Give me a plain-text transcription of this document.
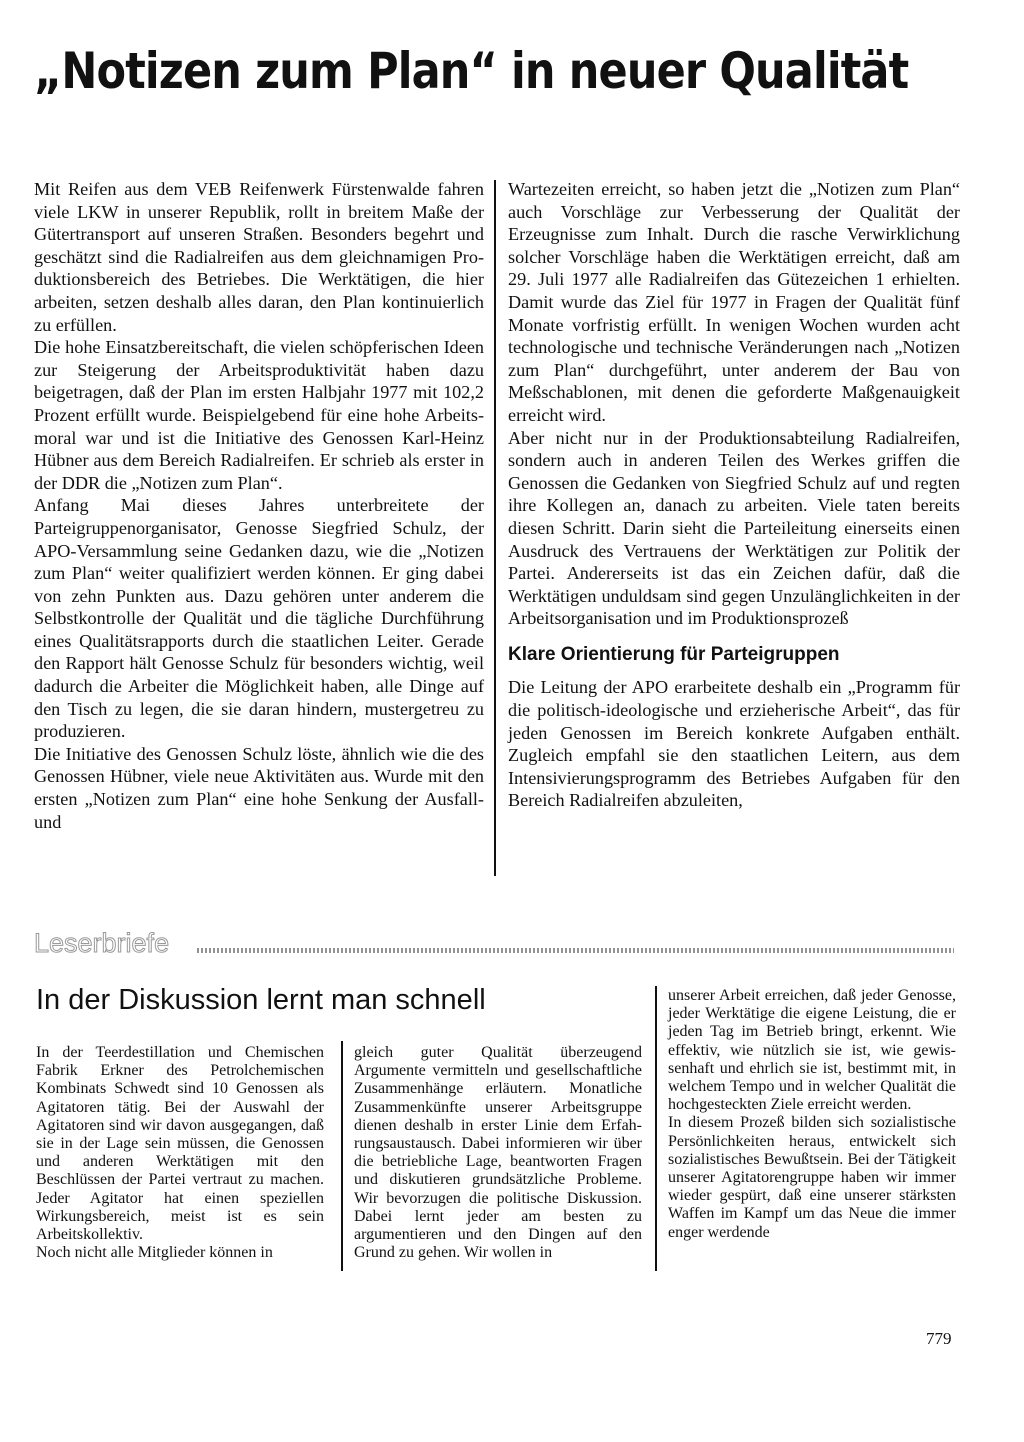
„Notizen zum Plan“ in neuer Qualität

Mit Reifen aus dem VEB Reifenwerk Fürstenwalde fahren viele LKW in unserer Republik, rollt in breitem Maße der Gütertransport auf unseren Straßen. Besonders begehrt und geschätzt sind die Radialreifen aus dem gleichnamigen Produktionsbereich des Betriebes. Die Werktätigen, die hier arbeiten, setzen deshalb alles daran, den Plan kontinuierlich zu erfüllen.

Die hohe Einsatzbereitschaft, die vielen schöpferischen Ideen zur Steigerung der Arbeitsproduktivität haben dazu beigetragen, daß der Plan im ersten Halbjahr 1977 mit 102,2 Prozent erfüllt wurde. Beispielgebend für eine hohe Arbeitsmoral war und ist die Initiative des Genossen Karl-Heinz Hübner aus dem Bereich Radialreifen. Er schrieb als erster in der DDR die „Notizen zum Plan“.

Anfang Mai dieses Jahres unterbreitete der Parteigruppenorganisator, Genosse Siegfried Schulz, der APO-Versammlung seine Gedanken dazu, wie die „Notizen zum Plan“ weiter qualifiziert werden können. Er ging dabei von zehn Punkten aus. Dazu gehören unter anderem die Selbstkontrolle der Qualität und die tägliche Durchführung eines Qualitätsrapports durch die staatlichen Leiter. Gerade den Rapport hält Genosse Schulz für besonders wichtig, weil dadurch die Arbeiter die Möglichkeit haben, alle Dinge auf den Tisch zu legen, die sie daran hindern, mustergetreu zu produzieren.

Die Initiative des Genossen Schulz löste, ähnlich wie die des Genossen Hübner, viele neue Aktivitäten aus. Wurde mit den ersten „Notizen zum Plan“ eine hohe Senkung der Ausfall- und

Wartezeiten erreicht, so haben jetzt die „Notizen zum Plan“ auch Vorschläge zur Verbesserung der Qualität der Erzeugnisse zum Inhalt. Durch die rasche Verwirklichung solcher Vorschläge haben die Werktätigen erreicht, daß am 29. Juli 1977 alle Radialreifen das Gütezeichen 1 erhielten. Damit wurde das Ziel für 1977 in Fragen der Qualität fünf Monate vorfristig erfüllt. In wenigen Wochen wurden acht technologische und technische Veränderungen nach „Notizen zum Plan“ durchgeführt, unter anderem der Bau von Meßschablonen, mit denen die geforderte Maßgenauigkeit erreicht wird.

Aber nicht nur in der Produktionsabteilung Radialreifen, sondern auch in anderen Teilen des Werkes griffen die Genossen die Gedanken von Siegfried Schulz auf und regten ihre Kollegen an, danach zu arbeiten. Viele taten bereits diesen Schritt. Darin sieht die Parteileitung einerseits einen Ausdruck des Vertrauens der Werktätigen zur Politik der Partei. Andererseits ist das ein Zeichen dafür, daß die Werktätigen unduldsam sind gegen Unzulänglichkeiten in der Arbeitsorganisation und im Produktionsprozeß

Klare Orientierung für Parteigruppen

Die Leitung der APO erarbeitete deshalb ein „Programm für die politisch-ideologische und erzieherische Arbeit“, das für jeden Genossen im Bereich konkrete Aufgaben enthält. Zugleich empfahl sie den staatlichen Leitern, aus dem Intensivierungsprogramm des Betriebes Aufgaben für den Bereich Radialreifen abzuleiten,

Leserbriefe
In der Diskussion lernt man schnell

In der Teerdestillation und Chemischen Fabrik Erkner des Petrolchemischen Kombinats Schwedt sind 10 Genossen als Agitatoren tätig. Bei der Auswahl der Agitatoren sind wir davon ausgegangen, daß sie in der Lage sein müssen, die Genossen und anderen Werktätigen mit den Beschlüssen der Partei vertraut zu machen. Jeder Agitator hat einen speziellen Wirkungsbereich, meist ist es sein Arbeitskollektiv.

Noch nicht alle Mitglieder können in

gleich guter Qualität überzeugend Argumente vermitteln und gesellschaftliche Zusammenhänge erläutern. Monatliche Zusammenkünfte unserer Arbeitsgruppe dienen deshalb in erster Linie dem Erfahrungsaustausch. Dabei informieren wir über die betriebliche Lage, beantworten Fragen und diskutieren grundsätzliche Probleme. Wir bevorzugen die politische Diskussion. Dabei lernt jeder am besten zu argumentieren und den Dingen auf den Grund zu gehen. Wir wollen in

unserer Arbeit erreichen, daß jeder Genosse, jeder Werktätige die eigene Leistung, die er jeden Tag im Betrieb bringt, erkennt. Wie effektiv, wie nützlich sie ist, wie gewissenhaft und ehrlich sie ist, bestimmt mit, in welchem Tempo und in welcher Qualität die hochgesteckten Ziele erreicht werden.

In diesem Prozeß bilden sich sozialistische Persönlichkeiten heraus, entwickelt sich sozialistisches Bewußtsein. Bei der Tätigkeit unserer Agitatorengruppe haben wir immer wieder gespürt, daß eine unserer stärksten Waffen im Kampf um das Neue die immer enger werdende

779
